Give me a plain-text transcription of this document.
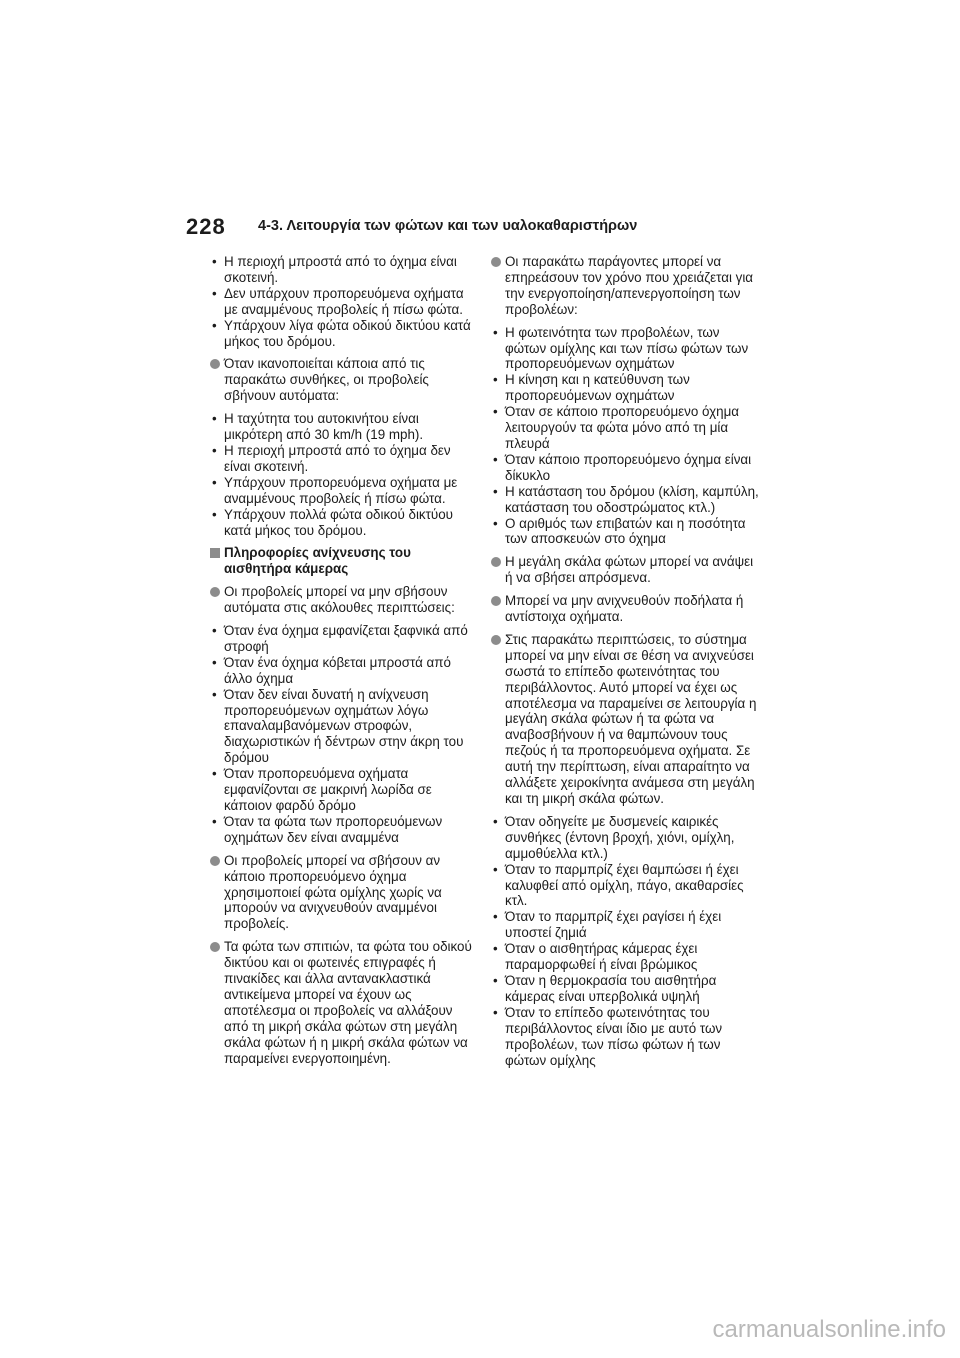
228 4-3. Λειτουργία των φώτων και των υαλοκαθαριστήρων
• Η περιοχή μπροστά από το όχημα είναι σκοτεινή.
• Δεν υπάρχουν προπορευόμενα οχήματα με αναμμένους προβολείς ή πίσω φώτα.
• Υπάρχουν λίγα φώτα οδικού δικτύου κατά μήκος του δρόμου.
Όταν ικανοποιείται κάποια από τις παρακάτω συνθήκες, οι προβολείς σβήνουν αυτόματα:
• Η ταχύτητα του αυτοκινήτου είναι μικρότερη από 30 km/h (19 mph).
• Η περιοχή μπροστά από το όχημα δεν είναι σκοτεινή.
• Υπάρχουν προπορευόμενα οχήματα με αναμμένους προβολείς ή πίσω φώτα.
• Υπάρχουν πολλά φώτα οδικού δικτύου κατά μήκος του δρόμου.
Πληροφορίες ανίχνευσης του αισθητήρα κάμερας
Οι προβολείς μπορεί να μην σβήσουν αυτόματα στις ακόλουθες περιπτώσεις:
• Όταν ένα όχημα εμφανίζεται ξαφνικά από στροφή
• Όταν ένα όχημα κόβεται μπροστά από άλλο όχημα
• Όταν δεν είναι δυνατή η ανίχνευση προπορευόμενων οχημάτων λόγω επαναλαμβανόμενων στροφών, διαχωριστικών ή δέντρων στην άκρη του δρόμου
• Όταν προπορευόμενα οχήματα εμφανίζονται σε μακρινή λωρίδα σε κάποιον φαρδύ δρόμο
• Όταν τα φώτα των προπορευόμενων οχημάτων δεν είναι αναμμένα
Οι προβολείς μπορεί να σβήσουν αν κάποιο προπορευόμενο όχημα χρησιμοποιεί φώτα ομίχλης χωρίς να μπορούν να ανιχνευθούν αναμμένοι προβολείς.
Τα φώτα των σπιτιών, τα φώτα του οδικού δικτύου και οι φωτεινές επιγραφές ή πινακίδες και άλλα αντανακλαστικά αντικείμενα μπορεί να έχουν ως αποτέλεσμα οι προβολείς να αλλάξουν από τη μικρή σκάλα φώτων στη μεγάλη σκάλα φώτων ή η μικρή σκάλα φώτων να παραμείνει ενεργοποιημένη.
Οι παρακάτω παράγοντες μπορεί να επηρεάσουν τον χρόνο που χρειάζεται για την ενεργοποίηση/απενεργοποίηση των προβολέων:
• Η φωτεινότητα των προβολέων, των φώτων ομίχλης και των πίσω φώτων των προπορευόμενων οχημάτων
• Η κίνηση και η κατεύθυνση των προπορευόμενων οχημάτων
• Όταν σε κάποιο προπορευόμενο όχημα λειτουργούν τα φώτα μόνο από τη μία πλευρά
• Όταν κάποιο προπορευόμενο όχημα είναι δίκυκλο
• Η κατάσταση του δρόμου (κλίση, καμπύλη, κατάσταση του οδοστρώματος κτλ.)
• Ο αριθμός των επιβατών και η ποσότητα των αποσκευών στο όχημα
Η μεγάλη σκάλα φώτων μπορεί να ανάψει ή να σβήσει απρόσμενα.
Μπορεί να μην ανιχνευθούν ποδήλατα ή αντίστοιχα οχήματα.
Στις παρακάτω περιπτώσεις, το σύστημα μπορεί να μην είναι σε θέση να ανιχνεύσει σωστά το επίπεδο φωτεινότητας του περιβάλλοντος. Αυτό μπορεί να έχει ως αποτέλεσμα να παραμείνει σε λειτουργία η μεγάλη σκάλα φώτων ή τα φώτα να αναβοσβήνουν ή να θαμπώνουν τους πεζούς ή τα προπορευόμενα οχήματα. Σε αυτή την περίπτωση, είναι απαραίτητο να αλλάξετε χειροκίνητα ανάμεσα στη μεγάλη και τη μικρή σκάλα φώτων.
• Όταν οδηγείτε με δυσμενείς καιρικές συνθήκες (έντονη βροχή, χιόνι, ομίχλη, αμμοθύελλα κτλ.)
• Όταν το παρμπρίζ έχει θαμπώσει ή έχει καλυφθεί από ομίχλη, πάγο, ακαθαρσίες κτλ.
• Όταν το παρμπρίζ έχει ραγίσει ή έχει υποστεί ζημιά
• Όταν ο αισθητήρας κάμερας έχει παραμορφωθεί ή είναι βρώμικος
• Όταν η θερμοκρασία του αισθητήρα κάμερας είναι υπερβολικά υψηλή
• Όταν το επίπεδο φωτεινότητας του περιβάλλοντος είναι ίδιο με αυτό των προβολέων, των πίσω φώτων ή των φώτων ομίχλης
carmanualsonline.info
